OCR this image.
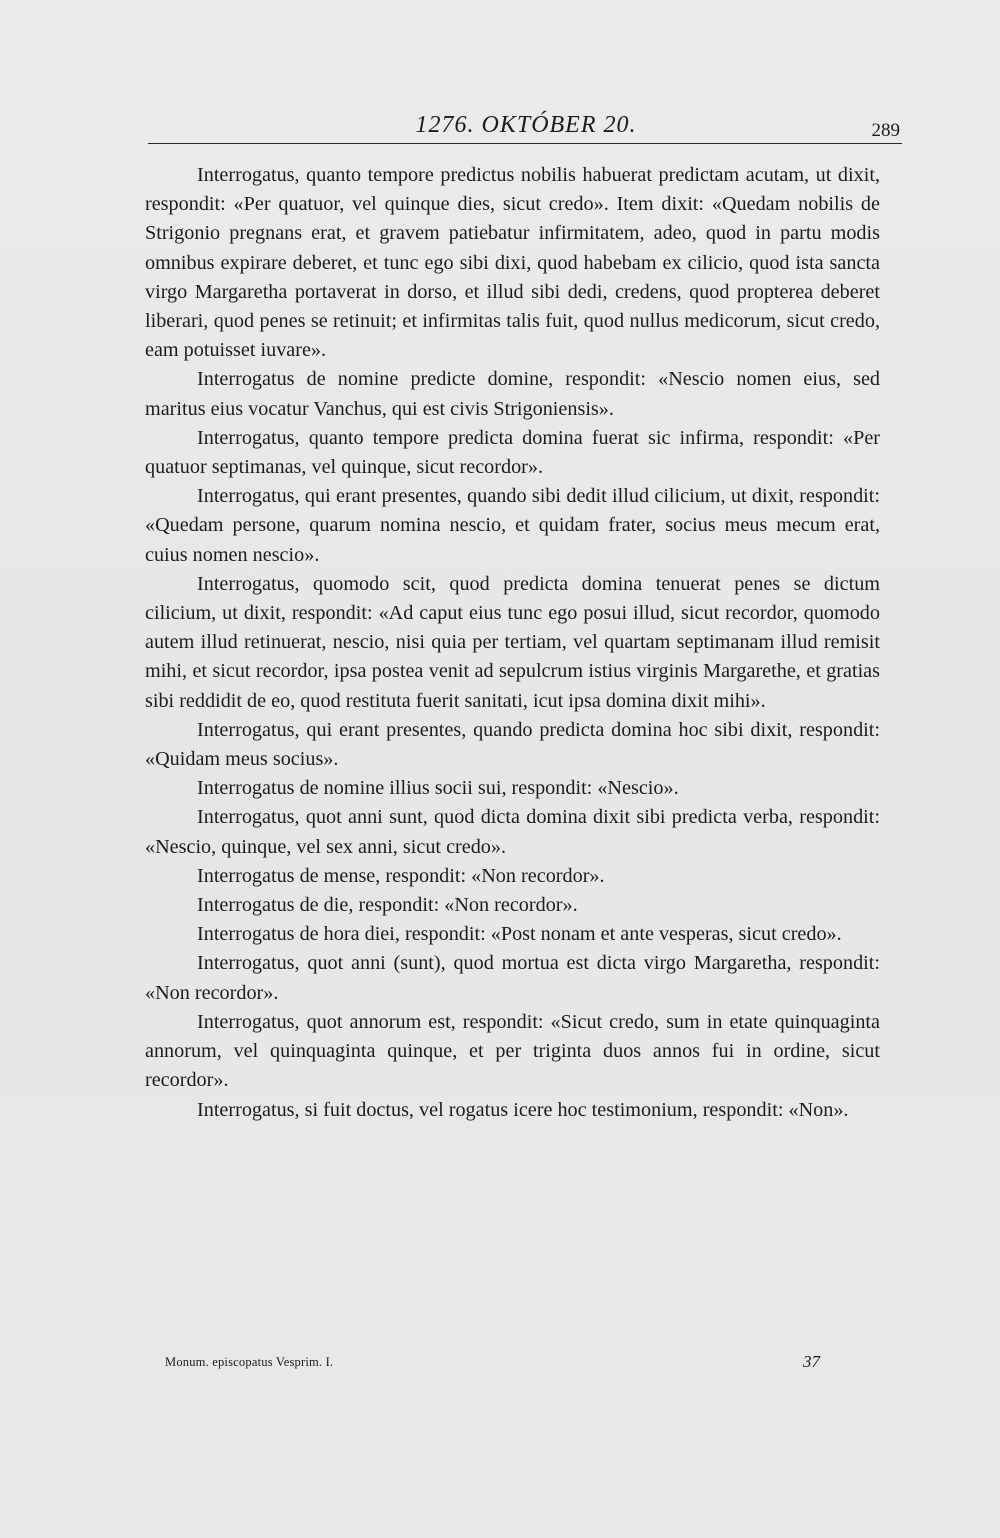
1276. OKTÓBER 20.	289

Interrogatus, quanto tempore predictus nobilis habuerat predictam acutam, ut dixit, respondit: «Per quatuor, vel quinque dies, sicut credo». Item dixit: «Quedam nobilis de Strigonio pregnans erat, et gravem patiebatur infirmitatem, adeo, quod in partu modis omnibus expirare deberet, et tunc ego sibi dixi, quod habebam ex cilicio, quod ista sancta virgo Margaretha portaverat in dorso, et illud sibi dedi, credens, quod propterea deberet liberari, quod penes se retinuit; et infirmitas talis fuit, quod nullus medicorum, sicut credo, eam potuisset iuvare».

Interrogatus de nomine predicte domine, respondit: «Nescio nomen eius, sed maritus eius vocatur Vanchus, qui est civis Strigoniensis».

Interrogatus, quanto tempore predicta domina fuerat sic infirma, respondit: «Per quatuor septimanas, vel quinque, sicut recordor».

Interrogatus, qui erant presentes, quando sibi dedit illud cilicium, ut dixit, respondit: «Quedam persone, quarum nomina nescio, et quidam frater, socius meus mecum erat, cuius nomen nescio».

Interrogatus, quomodo scit, quod predicta domina tenuerat penes se dictum cilicium, ut dixit, respondit: «Ad caput eius tunc ego posui illud, sicut recordor, quomodo autem illud retinuerat, nescio, nisi quia per tertiam, vel quartam septimanam illud remisit mihi, et sicut recordor, ipsa postea venit ad sepulcrum istius virginis Margarethe, et gratias sibi reddidit de eo, quod restituta fuerit sanitati, icut ipsa domina dixit mihi».

Interrogatus, qui erant presentes, quando predicta domina hoc sibi dixit, respondit: «Quidam meus socius».

Interrogatus de nomine illius socii sui, respondit: «Nescio».

Interrogatus, quot anni sunt, quod dicta domina dixit sibi predicta verba, respondit: «Nescio, quinque, vel sex anni, sicut credo».

Interrogatus de mense, respondit: «Non recordor».

Interrogatus de die, respondit: «Non recordor».

Interrogatus de hora diei, respondit: «Post nonam et ante vesperas, sicut credo».

Interrogatus, quot anni (sunt), quod mortua est dicta virgo Margaretha, respondit: «Non recordor».

Interrogatus, quot annorum est, respondit: «Sicut credo, sum in etate quinquaginta annorum, vel quinquaginta quinque, et per triginta duos annos fui in ordine, sicut recordor».

Interrogatus, si fuit doctus, vel rogatus icere hoc testimonium, respondit: «Non».

Monum. episcopatus Vesprim. I.	37
